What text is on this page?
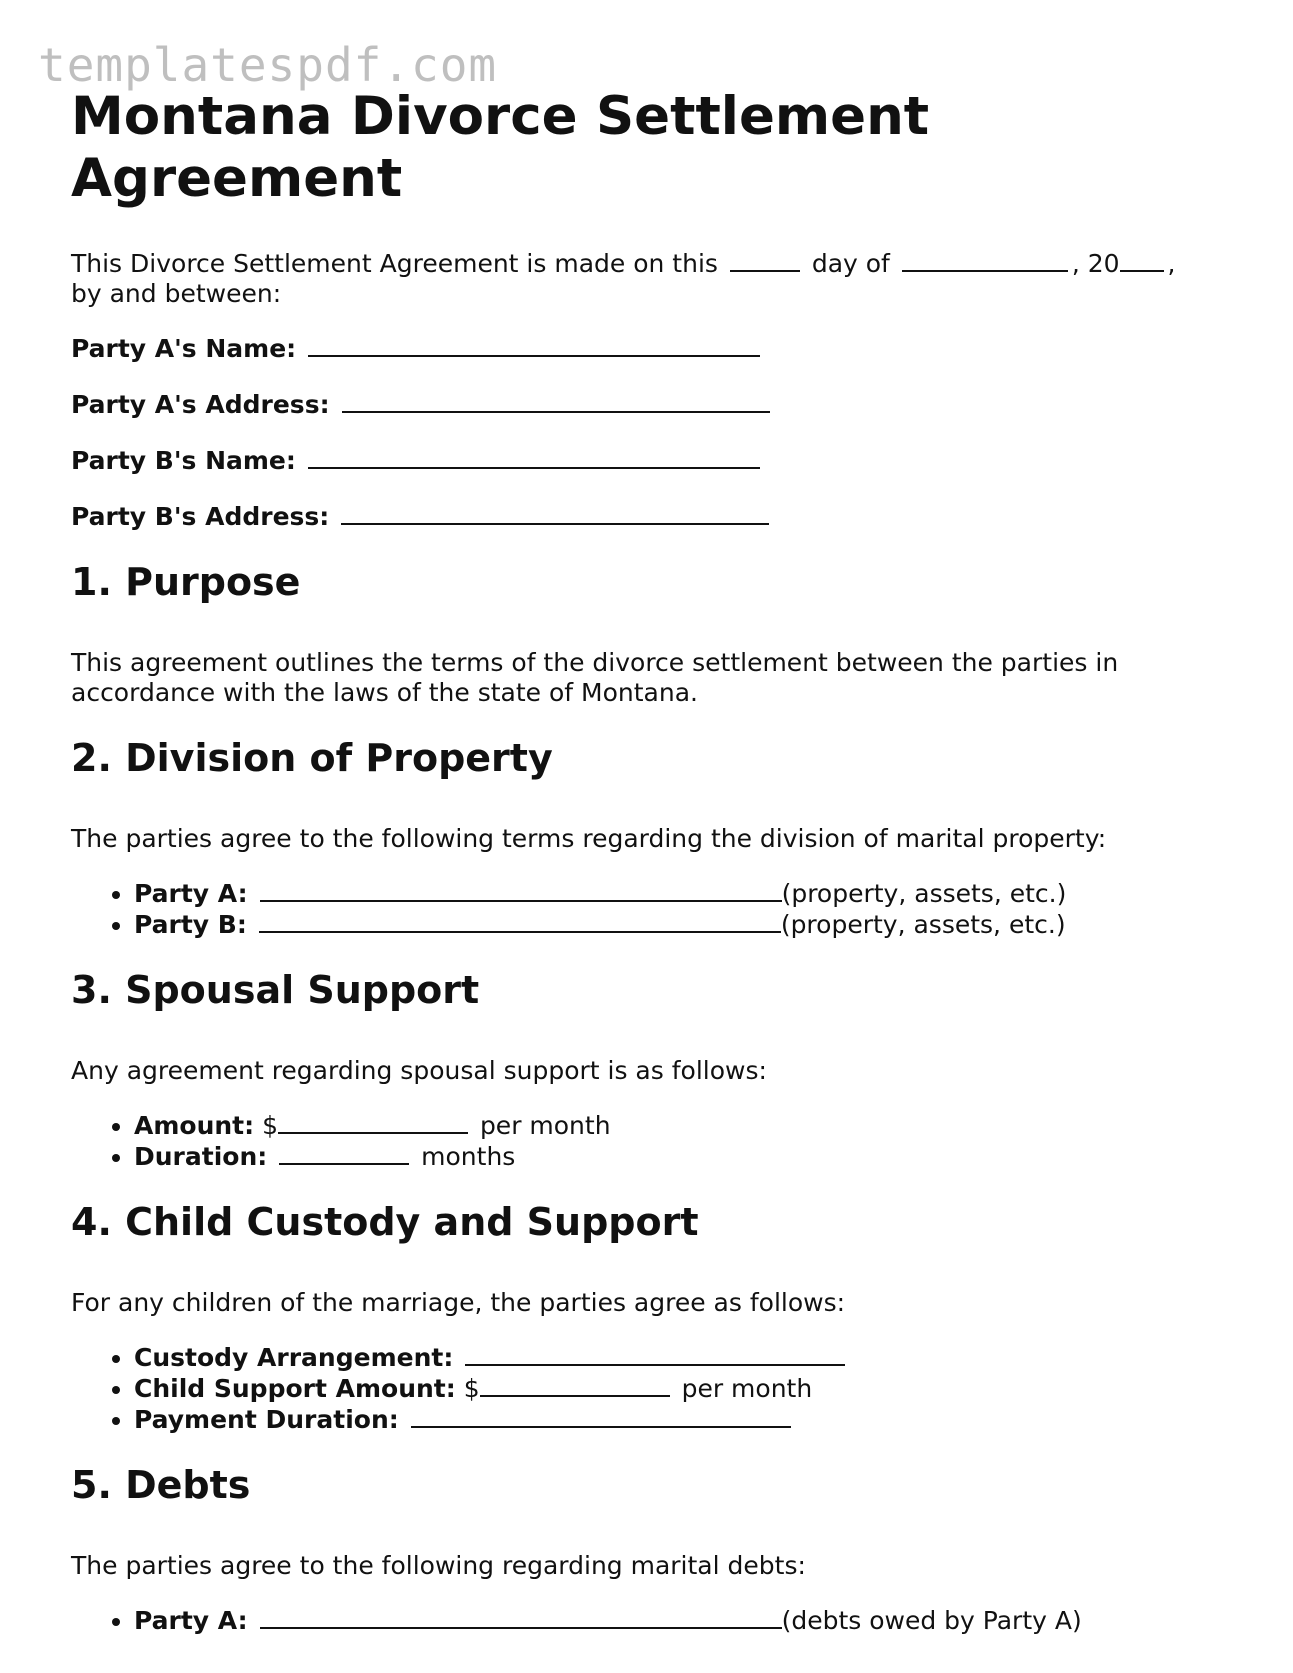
templatespdf.com
Montana Divorce Settlement Agreement

This Divorce Settlement Agreement is made on this	day of	, 20 ,
by and between:

Party A's Name:
Party A's Address:
Party B's Name:
Party B's Address:
1. Purpose

This agreement outlines the terms of the divorce settlement between the parties in accordance with the laws of the state of Montana.

2. Division of Property

The parties agree to the following terms regarding the division of marital property:

• Party A:	(property, assets, etc.)
• Party B:	(property, assets, etc.)
3. Spousal Support

Any agreement regarding spousal support is as follows:

• Amount: $	per month
• Duration:	months
4. Child Custody and Support

For any children of the marriage, the parties agree as follows:

• Custody Arrangement:
• Child Support Amount: $	per month
• Payment Duration:
5. Debts

The parties agree to the following regarding marital debts:

• Party A:	(debts owed by Party A)
